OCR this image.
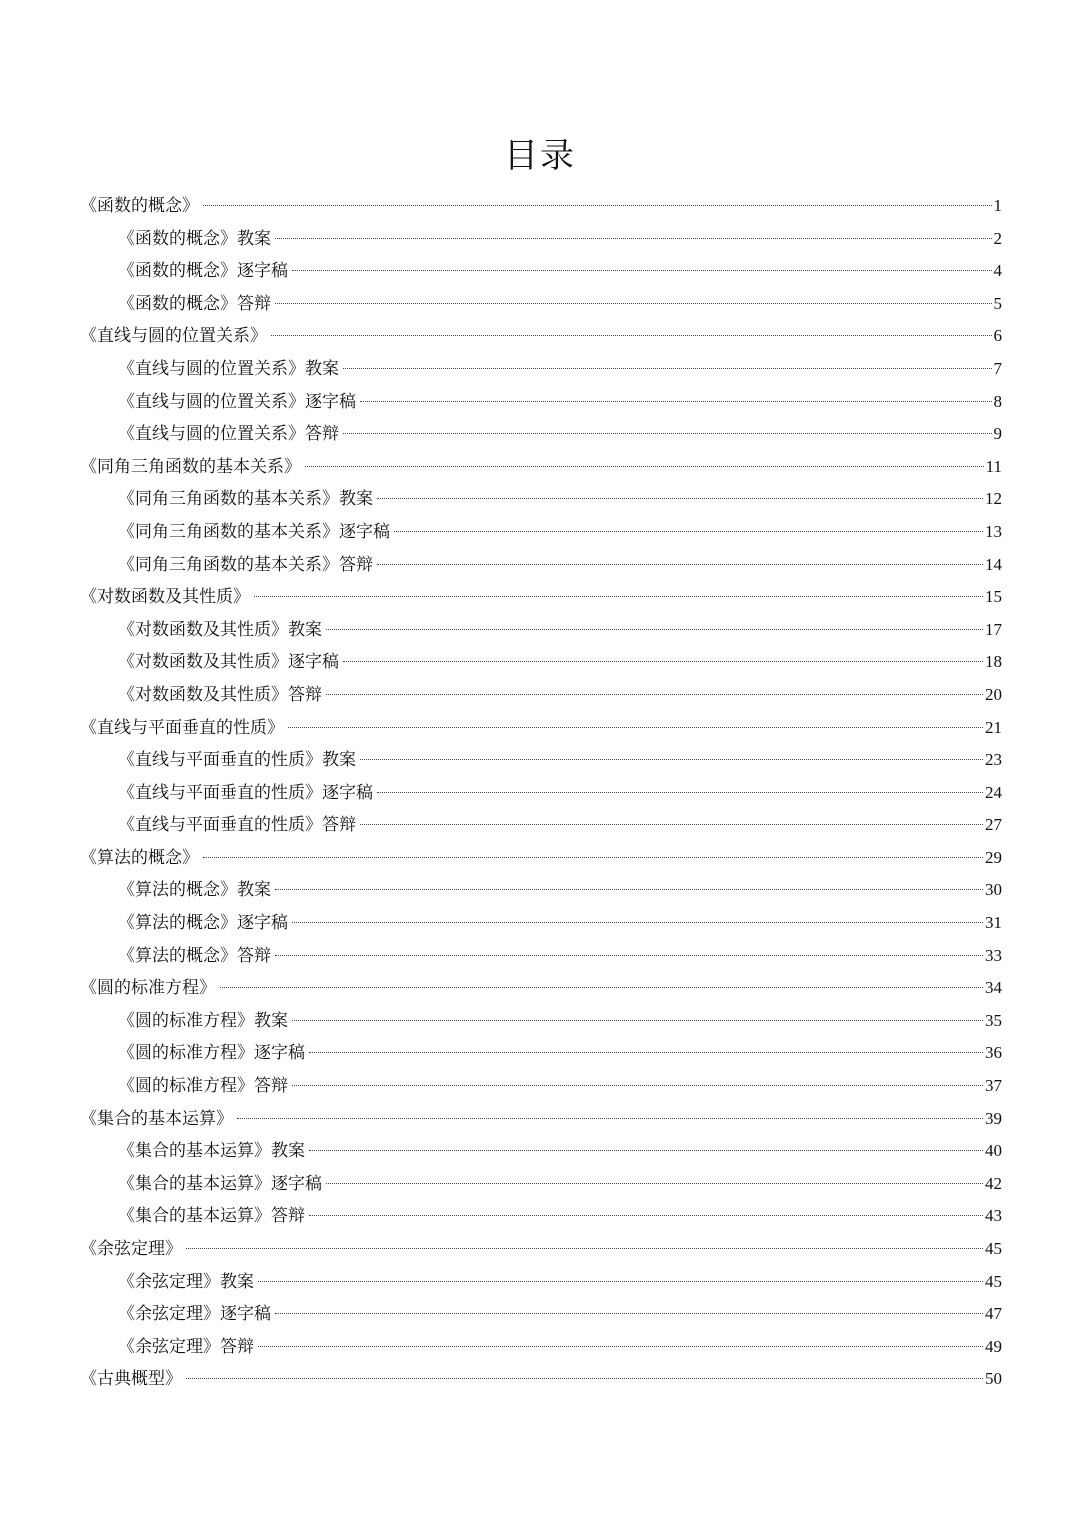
目录
《函数的概念》	1
《函数的概念》教案	2
《函数的概念》逐字稿	4
《函数的概念》答辩	5
《直线与圆的位置关系》	6
《直线与圆的位置关系》教案	7
《直线与圆的位置关系》逐字稿	8
《直线与圆的位置关系》答辩	9
《同角三角函数的基本关系》	11
《同角三角函数的基本关系》教案	12
《同角三角函数的基本关系》逐字稿	13
《同角三角函数的基本关系》答辩	14
《对数函数及其性质》	15
《对数函数及其性质》教案	17
《对数函数及其性质》逐字稿	18
《对数函数及其性质》答辩	20
《直线与平面垂直的性质》	21
《直线与平面垂直的性质》教案	23
《直线与平面垂直的性质》逐字稿	24
《直线与平面垂直的性质》答辩	27
《算法的概念》	29
《算法的概念》教案	30
《算法的概念》逐字稿	31
《算法的概念》答辩	33
《圆的标准方程》	34
《圆的标准方程》教案	35
《圆的标准方程》逐字稿	36
《圆的标准方程》答辩	37
《集合的基本运算》	39
《集合的基本运算》教案	40
《集合的基本运算》逐字稿	42
《集合的基本运算》答辩	43
《余弦定理》	45
《余弦定理》教案	45
《余弦定理》逐字稿	47
《余弦定理》答辩	49
《古典概型》	50
